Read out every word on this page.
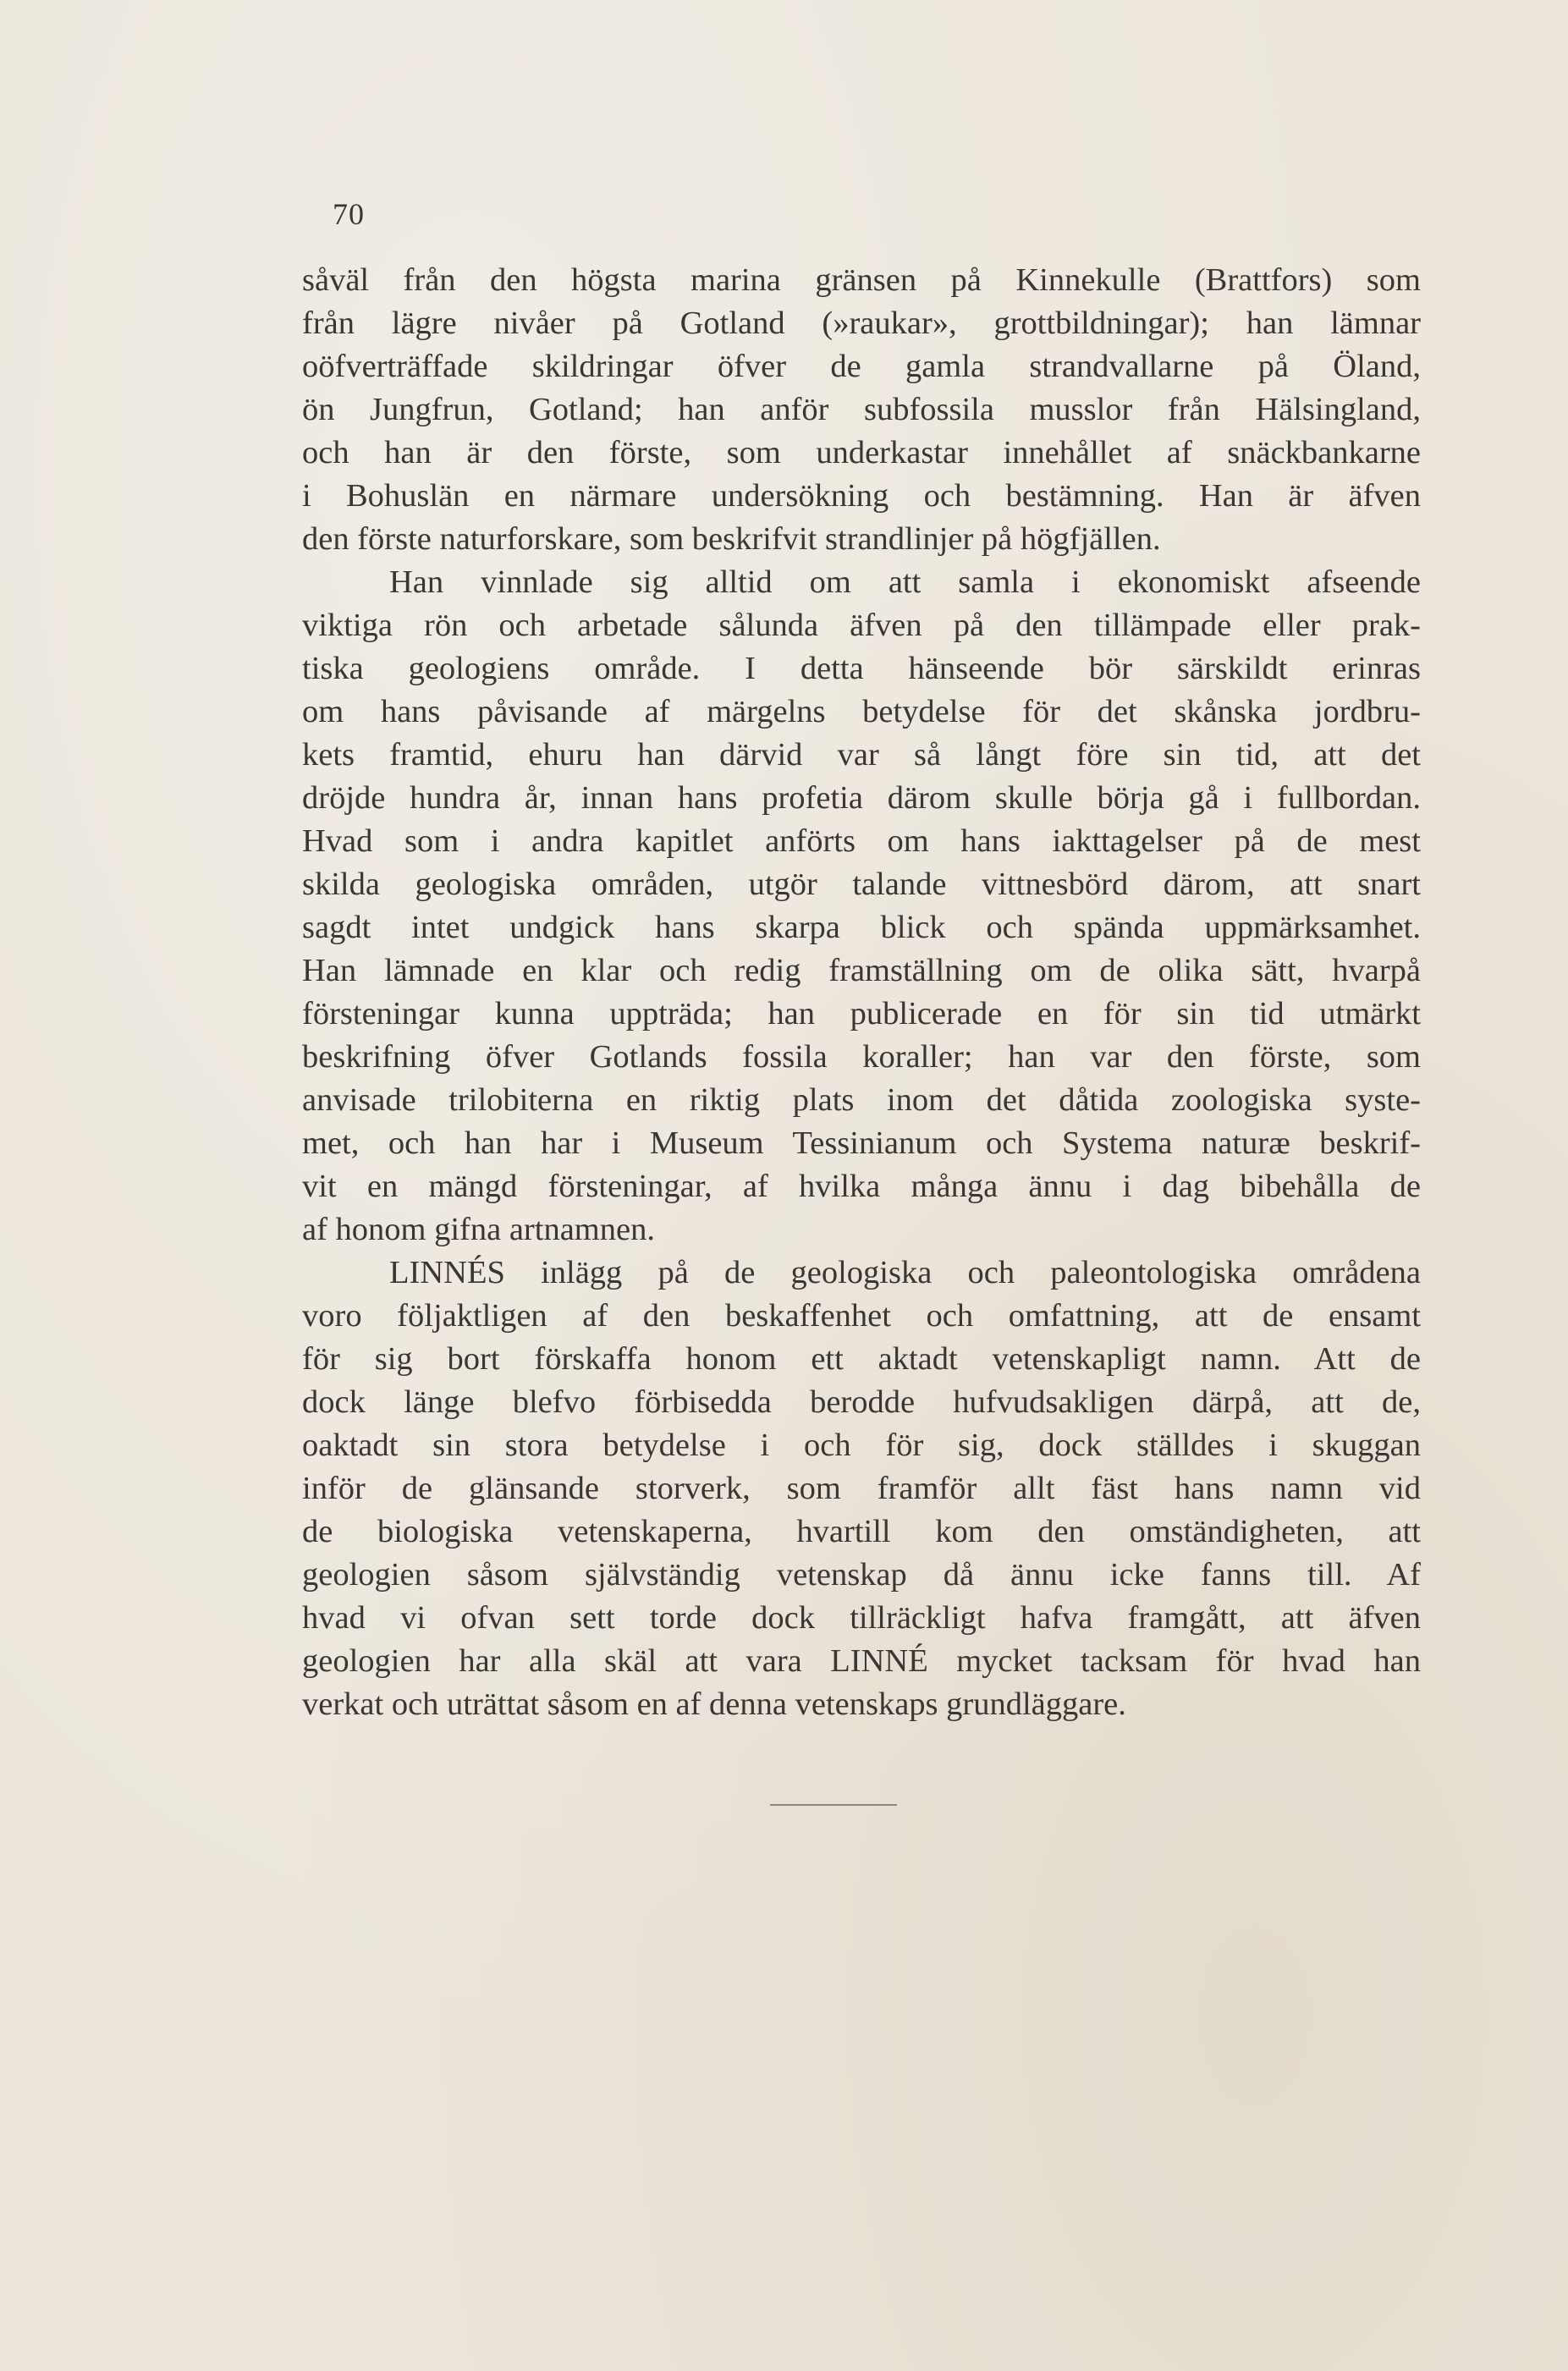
70
såväl från den högsta marina gränsen på Kinnekulle (Brattfors) som
från lägre nivåer på Gotland (»raukar», grottbildningar); han lämnar
oöfverträffade skildringar öfver de gamla strandvallarne på Öland,
ön Jungfrun, Gotland; han anför subfossila musslor från Hälsingland,
och han är den förste, som underkastar innehållet af snäckbankarne
i Bohuslän en närmare undersökning och bestämning. Han är äfven
den förste naturforskare, som beskrifvit strandlinjer på högfjällen.
Han vinnlade sig alltid om att samla i ekonomiskt afseende
viktiga rön och arbetade sålunda äfven på den tillämpade eller prak-
tiska geologiens område. I detta hänseende bör särskildt erinras
om hans påvisande af märgelns betydelse för det skånska jordbru-
kets framtid, ehuru han därvid var så långt före sin tid, att det
dröjde hundra år, innan hans profetia därom skulle börja gå i fullbordan.
Hvad som i andra kapitlet anförts om hans iakttagelser på de mest
skilda geologiska områden, utgör talande vittnesbörd därom, att snart
sagdt intet undgick hans skarpa blick och spända uppmärksamhet.
Han lämnade en klar och redig framställning om de olika sätt, hvarpå
försteningar kunna uppträda; han publicerade en för sin tid utmärkt
beskrifning öfver Gotlands fossila koraller; han var den förste, som
anvisade trilobiterna en riktig plats inom det dåtida zoologiska syste-
met, och han har i Museum Tessinianum och Systema naturæ beskrif-
vit en mängd försteningar, af hvilka många ännu i dag bibehålla de
af honom gifna artnamnen.
LINNÉS inlägg på de geologiska och paleontologiska områdena
voro följaktligen af den beskaffenhet och omfattning, att de ensamt
för sig bort förskaffa honom ett aktadt vetenskapligt namn. Att de
dock länge blefvo förbisedda berodde hufvudsakligen därpå, att de,
oaktadt sin stora betydelse i och för sig, dock ställdes i skuggan
inför de glänsande storverk, som framför allt fäst hans namn vid
de biologiska vetenskaperna, hvartill kom den omständigheten, att
geologien såsom självständig vetenskap då ännu icke fanns till. Af
hvad vi ofvan sett torde dock tillräckligt hafva framgått, att äfven
geologien har alla skäl att vara LINNÉ mycket tacksam för hvad han
verkat och uträttat såsom en af denna vetenskaps grundläggare.
